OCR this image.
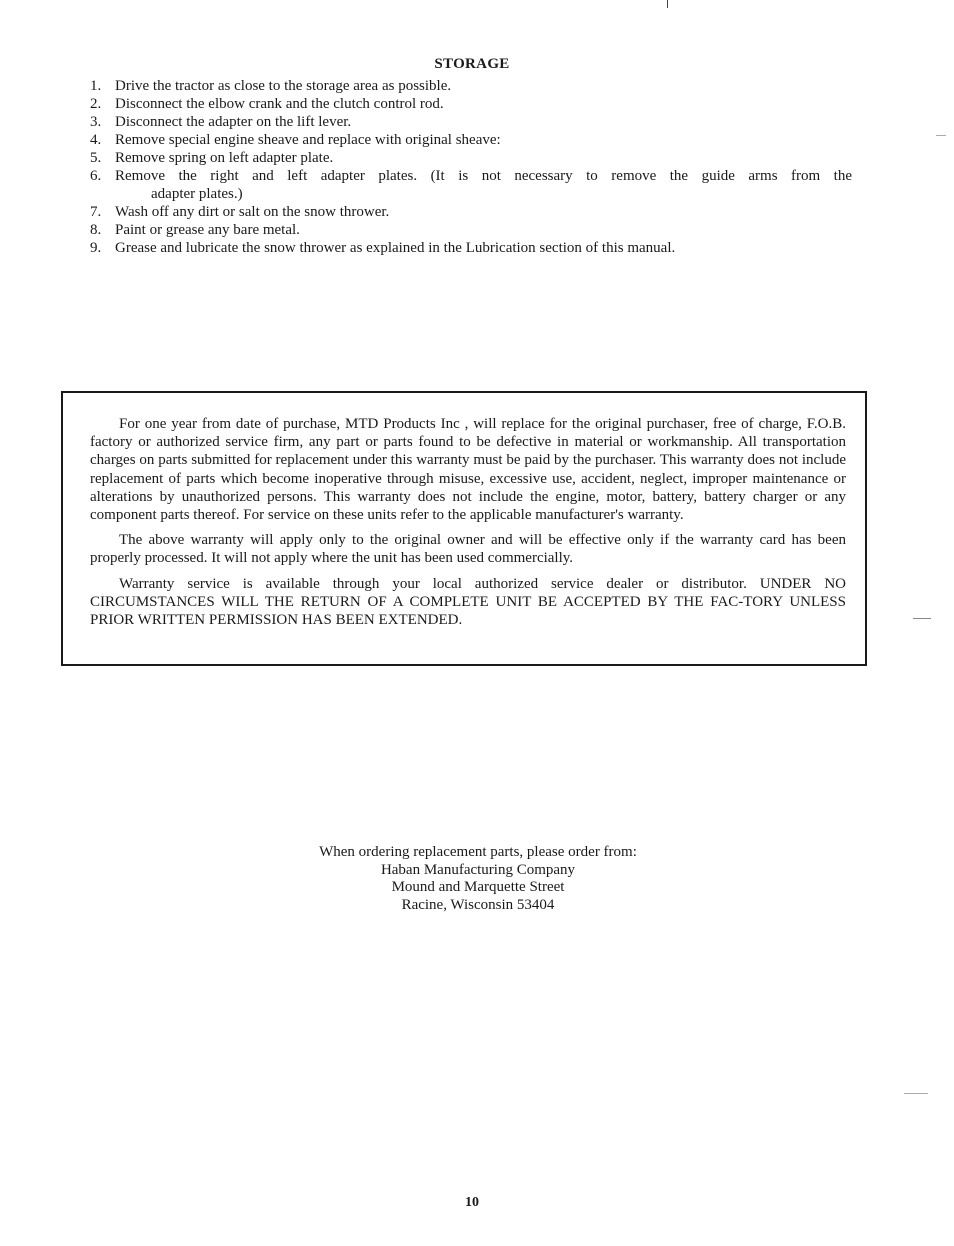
STORAGE
1. Drive the tractor as close to the storage area as possible.
2. Disconnect the elbow crank and the clutch control rod.
3. Disconnect the adapter on the lift lever.
4. Remove special engine sheave and replace with original sheave:
5. Remove spring on left adapter plate.
6. Remove the right and left adapter plates. (It is not necessary to remove the guide arms from the
adapter plates.)
7. Wash off any dirt or salt on the snow thrower.
8. Paint or grease any bare metal.
9. Grease and lubricate the snow thrower as explained in the Lubrication section of this manual.

For one year from date of purchase, MTD Products Inc , will replace for the original purchaser, free of charge, F.O.B. factory or authorized service firm, any part or parts found to be defective in material or workmanship. All transportation charges on parts submitted for replacement under this warranty must be paid by the purchaser. This warranty does not include replacement of parts which become inoperative through misuse, excessive use, accident, neglect, improper maintenance or alterations by unauthorized persons. This warranty does not include the engine, motor, battery, battery charger or any component parts thereof. For service on these units refer to the applicable manufacturer's warranty.

The above warranty will apply only to the original owner and will be effective only if the warranty card has been properly processed. It will not apply where the unit has been used commercially.

Warranty service is available through your local authorized service dealer or distributor. UNDER NO CIRCUMSTANCES WILL THE RETURN OF A COMPLETE UNIT BE ACCEPTED BY THE FAC-TORY UNLESS PRIOR WRITTEN PERMISSION HAS BEEN EXTENDED.

When ordering replacement parts, please order from:
Haban Manufacturing Company
Mound and Marquette Street
Racine, Wisconsin 53404
10
